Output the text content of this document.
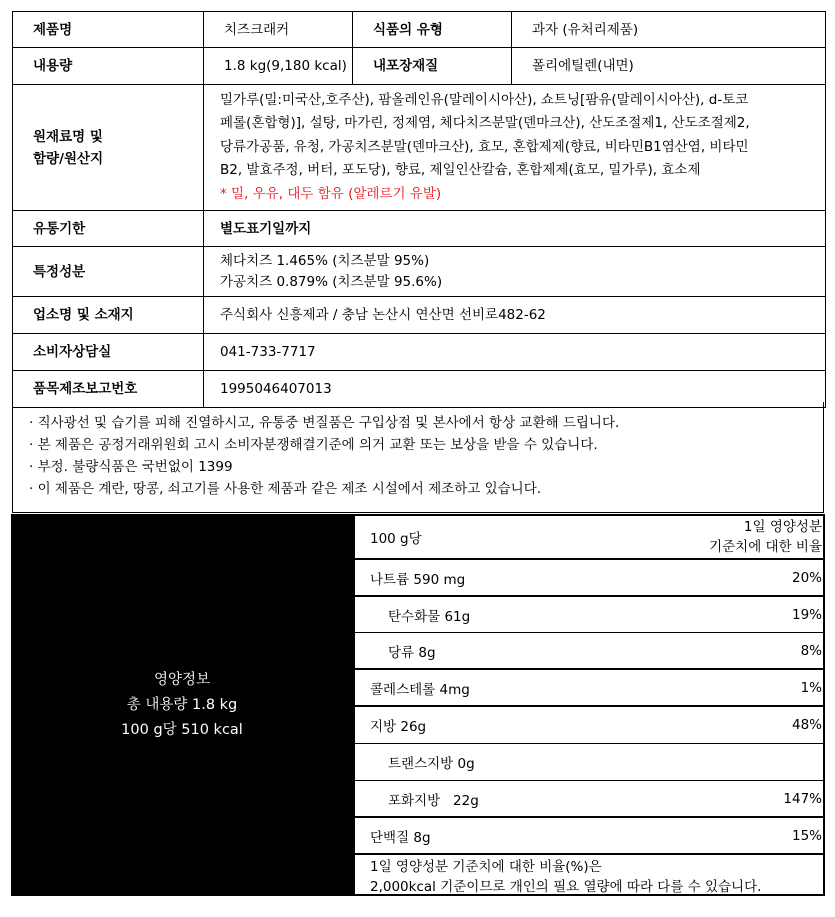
제품명	치즈크래커	식품의 유형	과자 (유처리제품)
내용량	1.8 kg(9,180 kcal)	내포장재질	폴리에틸렌(내면)

원재료명 및
함량/원산지

밀가루(밀:미국산,호주산), 팜올레인유(말레이시아산), 쇼트닝[팜유(말레이시아산), d-토코
페롤(혼합형)], 설탕, 마가린, 정제염, 체다치즈분말(덴마크산), 산도조절제1, 산도조절제2,
당류가공품, 유청, 가공치즈분말(덴마크산), 효모, 혼합제제(향료, 비타민B1염산염, 비타민
B2, 발효주정, 버터, 포도당), 향료, 제일인산칼슘, 혼합제제(효모, 밀가루), 효소제
* 밀, 우유, 대두 함유 (알레르기 유발)

유통기한	별도표기일까지		
특정성분	체다치즈 1.465% (치즈분말 95%)
가공치즈 0.879% (치즈분말 95.6%)		

업소명 및 소재지	주식회사 신흥제과 / 충남 논산시 연산면 선비로482-62		
소비자상담실	041-733-7717		
품목제조보고번호	1995046407013		
· 직사광선 및 습기를 피해 진열하시고, 유통중 변질품은 구입상점 및 본사에서 항상 교환해 드립니다.
· 본 제품은 공정거래위원회 고시 소비자분쟁해결기준에 의거 교환 또는 보상을 받을 수 있습니다.
· 부정. 불량식품은 국번없이 1399
· 이 제품은 계란, 땅콩, 쇠고기를 사용한 제품과 같은 제조 시설에서 제조하고 있습니다.
영양정보
총 내용량 1.8 kg
100 g당 510 kcal
100 g당
1일 영양성분
기준치에 대한 비율
나트륨 590 mg	20%
탄수화물 61g	19%
당류 8g	8%
콜레스테롤 4mg	1%
지방 26g	48%
트랜스지방 0g
포화지방   22g	147%
단백질 8g	15%
1일 영양성분 기준치에 대한 비율(%)은
2,000kcal 기준이므로 개인의 필요 열량에 따라 다를 수 있습니다.
